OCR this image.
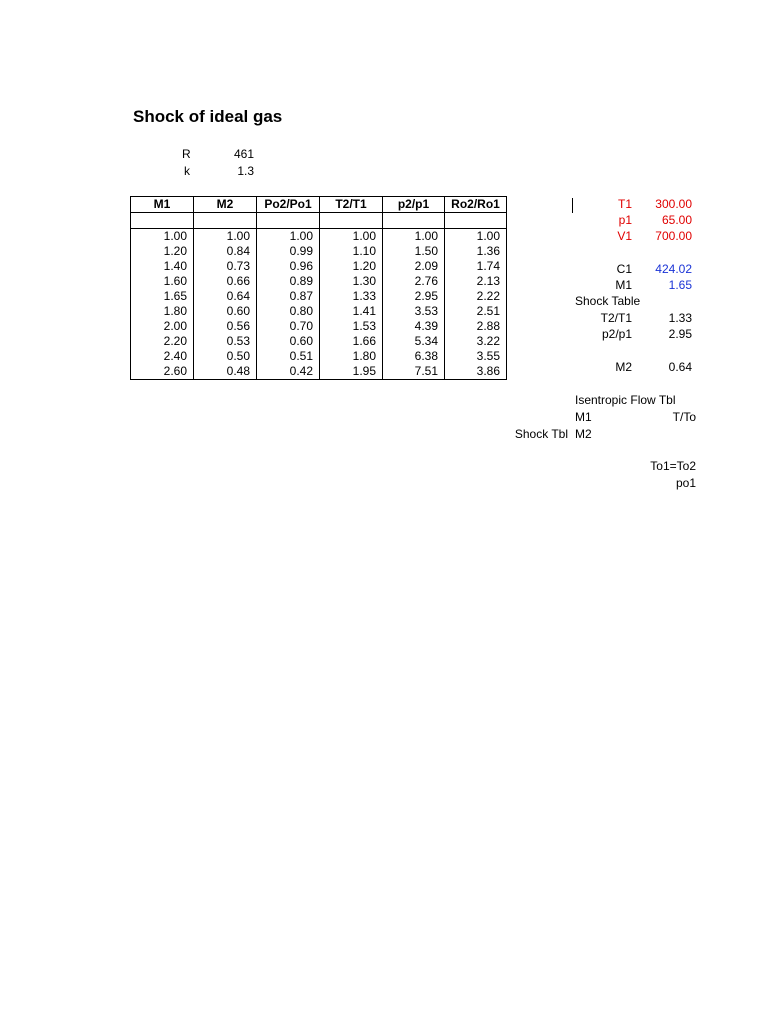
Shock of ideal gas
R	461
k	1.3
M1	M2	Po2/Po1	T2/T1	p2/p1	Ro2/Ro1

1.00	1.00	1.00	1.00	1.00	1.00
1.20	0.84	0.99	1.10	1.50	1.36
1.40	0.73	0.96	1.20	2.09	1.74
1.60	0.66	0.89	1.30	2.76	2.13
1.65	0.64	0.87	1.33	2.95	2.22
1.80	0.60	0.80	1.41	3.53	2.51
2.00	0.56	0.70	1.53	4.39	2.88
2.20	0.53	0.60	1.66	5.34	3.22
2.40	0.50	0.51	1.80	6.38	3.55
2.60	0.48	0.42	1.95	7.51	3.86
T1	300.00
p1	65.00
V1	700.00
C1	424.02
M1	1.65
Shock Table
T2/T1	1.33
p2/p1	2.95
M2	0.64
Isentropic Flow Tbl
M1	T/To
Shock Tbl M2
To1=To2
po1
